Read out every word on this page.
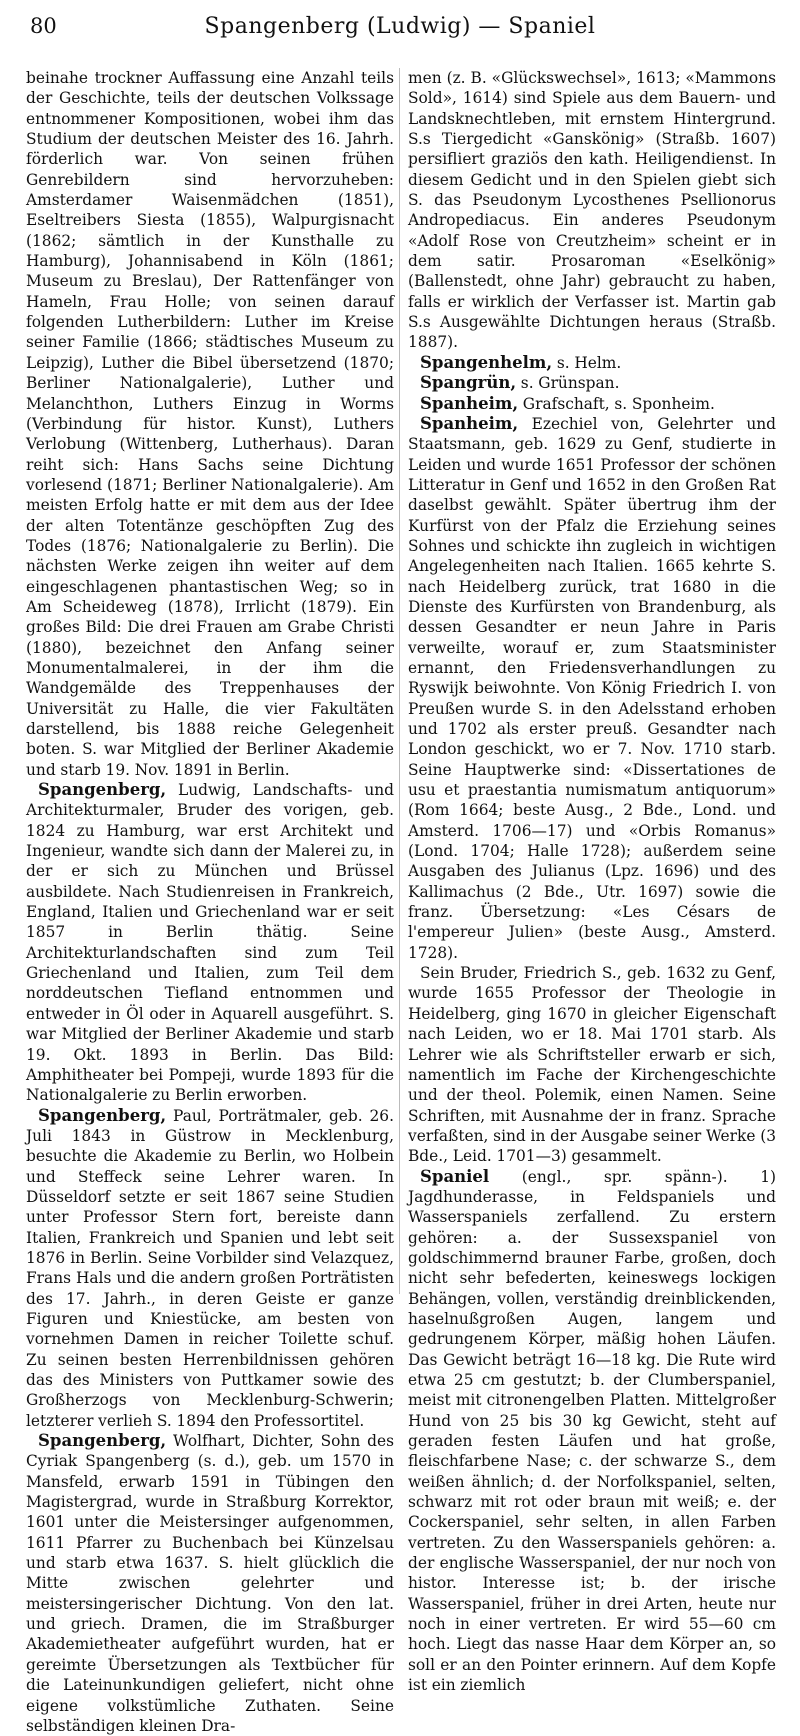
80	Spangenberg (Ludwig) — Spaniel

beinahe trockner Auffassung eine Anzahl teils der Geschichte, teils der deutschen Volkssage entnommener Kompositionen, wobei ihm das Studium der deutschen Meister des 16. Jahrh. förderlich war. Von seinen frühen Genrebildern sind hervorzuheben: Amsterdamer Waisenmädchen (1851), Eseltreibers Siesta (1855), Walpurgisnacht (1862; sämtlich in der Kunsthalle zu Hamburg), Johannisabend in Köln (1861; Museum zu Breslau), Der Rattenfänger von Hameln, Frau Holle; von seinen darauf folgenden Lutherbildern: Luther im Kreise seiner Familie (1866; städtisches Museum zu Leipzig), Luther die Bibel übersetzend (1870; Berliner Nationalgalerie), Luther und Melanchthon, Luthers Einzug in Worms (Verbindung für histor. Kunst), Luthers Verlobung (Wittenberg, Lutherhaus). Daran reiht sich: Hans Sachs seine Dichtung vorlesend (1871; Berliner Nationalgalerie). Am meisten Erfolg hatte er mit dem aus der Idee der alten Totentänze geschöpften Zug des Todes (1876; Nationalgalerie zu Berlin). Die nächsten Werke zeigen ihn weiter auf dem eingeschlagenen phantastischen Weg; so in Am Scheideweg (1878), Irrlicht (1879). Ein großes Bild: Die drei Frauen am Grabe Christi (1880), bezeichnet den Anfang seiner Monumentalmalerei, in der ihm die Wandgemälde des Treppenhauses der Universität zu Halle, die vier Fakultäten darstellend, bis 1888 reiche Gelegenheit boten. S. war Mitglied der Berliner Akademie und starb 19. Nov. 1891 in Berlin.

Spangenberg, Ludwig, Landschafts- und Architekturmaler, Bruder des vorigen, geb. 1824 zu Hamburg, war erst Architekt und Ingenieur, wandte sich dann der Malerei zu, in der er sich zu München und Brüssel ausbildete. Nach Studienreisen in Frankreich, England, Italien und Griechenland war er seit 1857 in Berlin thätig. Seine Architekturlandschaften sind zum Teil Griechenland und Italien, zum Teil dem norddeutschen Tiefland entnommen und entweder in Öl oder in Aquarell ausgeführt. S. war Mitglied der Berliner Akademie und starb 19. Okt. 1893 in Berlin. Das Bild: Amphitheater bei Pompeji, wurde 1893 für die Nationalgalerie zu Berlin erworben.

Spangenberg, Paul, Porträtmaler, geb. 26. Juli 1843 in Güstrow in Mecklenburg, besuchte die Akademie zu Berlin, wo Holbein und Steffeck seine Lehrer waren. In Düsseldorf setzte er seit 1867 seine Studien unter Professor Stern fort, bereiste dann Italien, Frankreich und Spanien und lebt seit 1876 in Berlin. Seine Vorbilder sind Velazquez, Frans Hals und die andern großen Porträtisten des 17. Jahrh., in deren Geiste er ganze Figuren und Kniestücke, am besten von vornehmen Damen in reicher Toilette schuf. Zu seinen besten Herrenbildnissen gehören das des Ministers von Puttkamer sowie des Großherzogs von Mecklenburg-Schwerin; letzterer verlieh S. 1894 den Professortitel.

Spangenberg, Wolfhart, Dichter, Sohn des Cyriak Spangenberg (s. d.), geb. um 1570 in Mansfeld, erwarb 1591 in Tübingen den Magistergrad, wurde in Straßburg Korrektor, 1601 unter die Meistersinger aufgenommen, 1611 Pfarrer zu Buchenbach bei Künzelsau und starb etwa 1637. S. hielt glücklich die Mitte zwischen gelehrter und meistersingerischer Dichtung. Von den lat. und griech. Dramen, die im Straßburger Akademietheater aufgeführt wurden, hat er gereimte Übersetzungen als Textbücher für die Lateinunkundigen geliefert, nicht ohne eigene volkstümliche Zuthaten. Seine selbständigen kleinen Dra-

men (z. B. «Glückswechsel», 1613; «Mammons Sold», 1614) sind Spiele aus dem Bauern- und Landsknechtleben, mit ernstem Hintergrund. S.s Tiergedicht «Ganskönig» (Straßb. 1607) persifliert graziös den kath. Heiligendienst. In diesem Gedicht und in den Spielen giebt sich S. das Pseudonym Lycosthenes Psellionorus Andropediacus. Ein anderes Pseudonym «Adolf Rose von Creutzheim» scheint er in dem satir. Prosaroman «Eselkönig» (Ballenstedt, ohne Jahr) gebraucht zu haben, falls er wirklich der Verfasser ist. Martin gab S.s Ausgewählte Dichtungen heraus (Straßb. 1887).

Spangenhelm, s. Helm.

Spangrün, s. Grünspan.

Spanheim, Grafschaft, s. Sponheim.

Spanheim, Ezechiel von, Gelehrter und Staatsmann, geb. 1629 zu Genf, studierte in Leiden und wurde 1651 Professor der schönen Litteratur in Genf und 1652 in den Großen Rat daselbst gewählt. Später übertrug ihm der Kurfürst von der Pfalz die Erziehung seines Sohnes und schickte ihn zugleich in wichtigen Angelegenheiten nach Italien. 1665 kehrte S. nach Heidelberg zurück, trat 1680 in die Dienste des Kurfürsten von Brandenburg, als dessen Gesandter er neun Jahre in Paris verweilte, worauf er, zum Staatsminister ernannt, den Friedensverhandlungen zu Ryswijk beiwohnte. Von König Friedrich I. von Preußen wurde S. in den Adelsstand erhoben und 1702 als erster preuß. Gesandter nach London geschickt, wo er 7. Nov. 1710 starb. Seine Hauptwerke sind: «Dissertationes de usu et praestantia numismatum antiquorum» (Rom 1664; beste Ausg., 2 Bde., Lond. und Amsterd. 1706—17) und «Orbis Romanus» (Lond. 1704; Halle 1728); außerdem seine Ausgaben des Julianus (Lpz. 1696) und des Kallimachus (2 Bde., Utr. 1697) sowie die franz. Übersetzung: «Les Césars de l'empereur Julien» (beste Ausg., Amsterd. 1728).

Sein Bruder, Friedrich S., geb. 1632 zu Genf, wurde 1655 Professor der Theologie in Heidelberg, ging 1670 in gleicher Eigenschaft nach Leiden, wo er 18. Mai 1701 starb. Als Lehrer wie als Schriftsteller erwarb er sich, namentlich im Fache der Kirchengeschichte und der theol. Polemik, einen Namen. Seine Schriften, mit Ausnahme der in franz. Sprache verfaßten, sind in der Ausgabe seiner Werke (3 Bde., Leid. 1701—3) gesammelt.

Spaniel (engl., spr. spänn-). 1) Jagdhunderasse, in Feldspaniels und Wasserspaniels zerfallend. Zu erstern gehören: a. der Sussexspaniel von goldschimmernd brauner Farbe, großen, doch nicht sehr befederten, keineswegs lockigen Behängen, vollen, verständig dreinblickenden, haselnußgroßen Augen, langem und gedrungenem Körper, mäßig hohen Läufen. Das Gewicht beträgt 16—18 kg. Die Rute wird etwa 25 cm gestutzt; b. der Clumberspaniel, meist mit citronengelben Platten. Mittelgroßer Hund von 25 bis 30 kg Gewicht, steht auf geraden festen Läufen und hat große, fleischfarbene Nase; c. der schwarze S., dem weißen ähnlich; d. der Norfolkspaniel, selten, schwarz mit rot oder braun mit weiß; e. der Cockerspaniel, sehr selten, in allen Farben vertreten. Zu den Wasserspaniels gehören: a. der englische Wasserspaniel, der nur noch von histor. Interesse ist; b. der irische Wasserspaniel, früher in drei Arten, heute nur noch in einer vertreten. Er wird 55—60 cm hoch. Liegt das nasse Haar dem Körper an, so soll er an den Pointer erinnern. Auf dem Kopfe ist ein ziemlich
